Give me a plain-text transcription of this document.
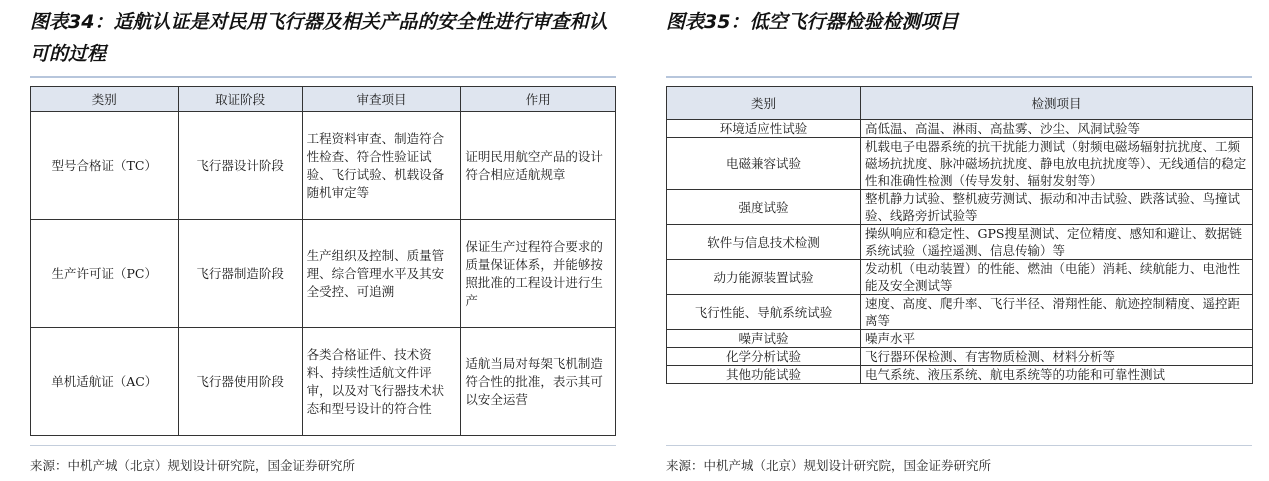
图表34：适航认证是对民用飞行器及相关产品的安全性进行审查和认可的过程
类别	取证阶段	审查项目	作用
型号合格证（TC）	飞行器设计阶段	工程资料审查、制造符合性检查、符合性验证试验、飞行试验、机载设备随机审定等	证明民用航空产品的设计符合相应适航规章
生产许可证（PC）	飞行器制造阶段	生产组织及控制、质量管理、综合管理水平及其安全受控、可追溯	保证生产过程符合要求的质量保证体系，并能够按照批准的工程设计进行生产
单机适航证（AC）	飞行器使用阶段	各类合格证件、技术资料、持续性适航文件评审，以及对飞行器技术状态和型号设计的符合性	适航当局对每架飞机制造符合性的批准，表示其可以安全运营
图表35：低空飞行器检验检测项目
类别	检测项目
环境适应性试验	高低温、高温、淋雨、高盐雾、沙尘、风洞试验等
电磁兼容试验	机载电子电器系统的抗干扰能力测试（射频电磁场辐射抗扰度、工频磁场抗扰度、脉冲磁场抗扰度、静电放电抗扰度等）、无线通信的稳定性和准确性检测（传导发射、辐射发射等）
强度试验	整机静力试验、整机疲劳测试、振动和冲击试验、跌落试验、鸟撞试验、线路旁折试验等
软件与信息技术检测	操纵响应和稳定性、GPS搜星测试、定位精度、感知和避让、数据链系统试验（遥控遥测、信息传输）等
动力能源装置试验	发动机（电动装置）的性能、燃油（电能）消耗、续航能力、电池性能及安全测试等
飞行性能、导航系统试验	速度、高度、爬升率、飞行半径、滑翔性能、航迹控制精度、遥控距离等
噪声试验	噪声水平
化学分析试验	飞行器环保检测、有害物质检测、材料分析等
其他功能试验	电气系统、液压系统、航电系统等的功能和可靠性测试
来源：中机产城（北京）规划设计研究院，国金证券研究所	来源：中机产城（北京）规划设计研究院，国金证券研究所
